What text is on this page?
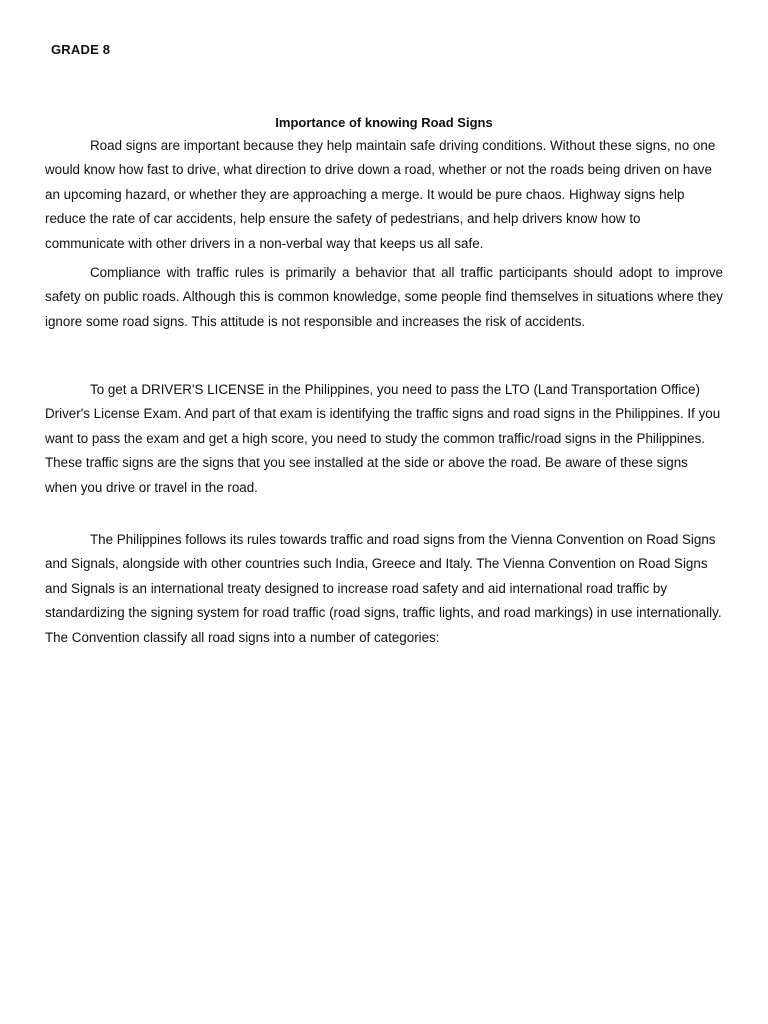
GRADE 8
Importance of knowing Road Signs

Road signs are important because they help maintain safe driving conditions. Without these signs, no one would know how fast to drive, what direction to drive down a road, whether or not the roads being driven on have an upcoming hazard, or whether they are approaching a merge. It would be pure chaos. Highway signs help reduce the rate of car accidents, help ensure the safety of pedestrians, and help drivers know how to communicate with other drivers in a non-verbal way that keeps us all safe.

Compliance with traffic rules is primarily a behavior that all traffic participants should adopt to improve safety on public roads. Although this is common knowledge, some people find themselves in situations where they ignore some road signs. This attitude is not responsible and increases the risk of accidents.

To get a DRIVER'S LICENSE in the Philippines, you need to pass the LTO (Land Transportation Office) Driver's License Exam. And part of that exam is identifying the traffic signs and road signs in the Philippines. If you want to pass the exam and get a high score, you need to study the common traffic/road signs in the Philippines. These traffic signs are the signs that you see installed at the side or above the road. Be aware of these signs when you drive or travel in the road.

The Philippines follows its rules towards traffic and road signs from the Vienna Convention on Road Signs and Signals, alongside with other countries such India, Greece and Italy. The Vienna Convention on Road Signs and Signals is an international treaty designed to increase road safety and aid international road traffic by standardizing the signing system for road traffic (road signs, traffic lights, and road markings) in use internationally. The Convention classify all road signs into a number of categories:
